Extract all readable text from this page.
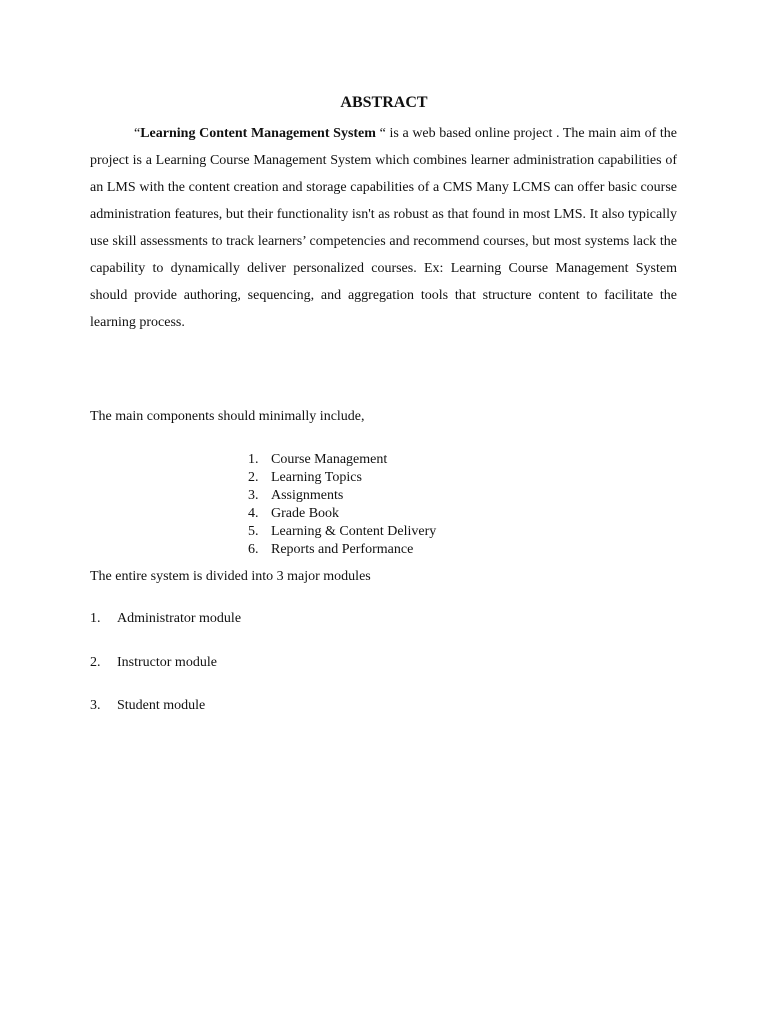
ABSTRACT

“Learning Content Management System “ is a web based online project . The main aim of the project is a Learning Course Management System which combines learner administration capabilities of an LMS with the content creation and storage capabilities of a CMS Many LCMS can offer basic course administration features, but their functionality isn't as robust as that found in most LMS. It also typically use skill assessments to track learners’ competencies and recommend courses, but most systems lack the capability to dynamically deliver personalized courses. Ex: Learning Course Management System should provide authoring, sequencing, and aggregation tools that structure content to facilitate the learning process.

The main components should minimally include,

1. Course Management
2. Learning Topics
3. Assignments
4. Grade Book
5. Learning & Content Delivery
6. Reports and Performance

The entire system is divided into 3 major modules

1. Administrator module
2. Instructor module
3. Student module
